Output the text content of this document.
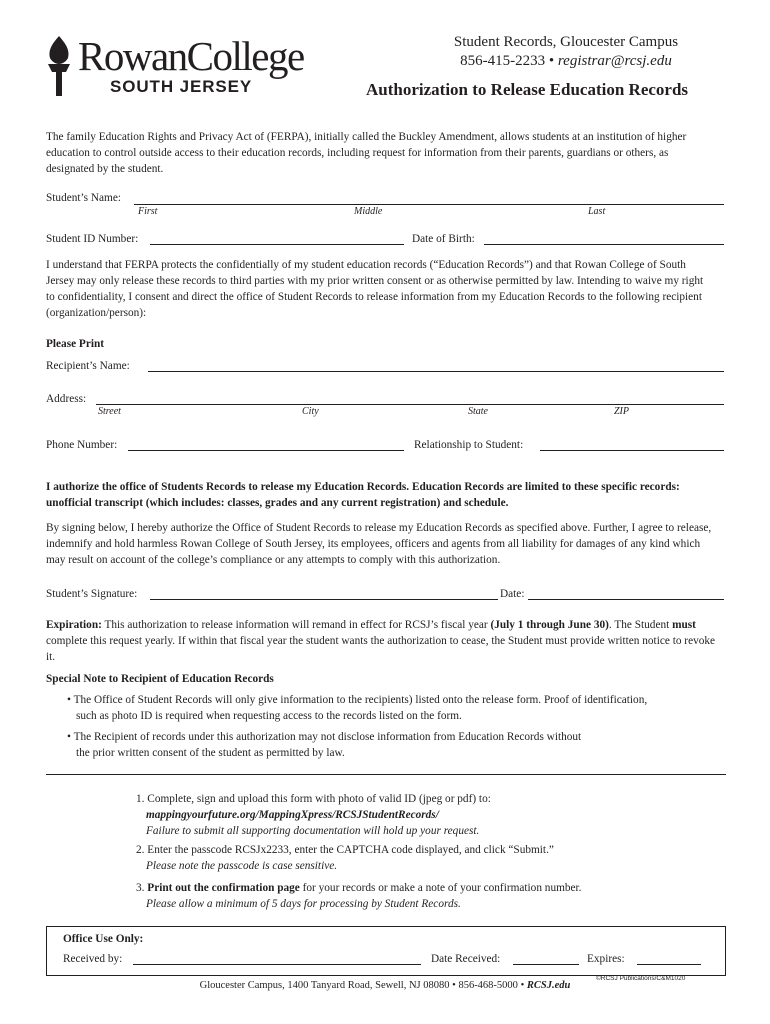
RowanCollege
SOUTH JERSEY
Student Records, Gloucester Campus
856-415-2233 • registrar@rcsj.edu
Authorization to Release Education Records
The family Education Rights and Privacy Act of (FERPA), initially called the Buckley Amendment, allows students at an institution of higher education to control outside access to their education records, including request for information from their parents, guardians or others, as designated by the student.
Student’s Name:
First	Middle	Last
Student ID Number:	Date of Birth:
I understand that FERPA protects the confidentially of my student education records (“Education Records”) and that Rowan College of South Jersey may only release these records to third parties with my prior written consent or as otherwise permitted by law. Intending to waive my right to confidentiality, I consent and direct the office of Student Records to release information from my Education Records to the following recipient (organization/person):
Please Print
Recipient’s Name:
Address:
Street	City	State	ZIP
Phone Number:	Relationship to Student:
I authorize the office of Students Records to release my Education Records. Education Records are limited to these specific records: unofficial transcript (which includes: classes, grades and any current registration) and schedule.
By signing below, I hereby authorize the Office of Student Records to release my Education Records as specified above. Further, I agree to release, indemnify and hold harmless Rowan College of South Jersey, its employees, officers and agents from all liability for damages of any kind which may result on account of the college’s compliance or any attempts to comply with this authorization.
Student’s Signature:	Date:
Expiration: This authorization to release information will remand in effect for RCSJ’s fiscal year (July 1 through June 30). The Student must complete this request yearly. If within that fiscal year the student wants the authorization to cease, the Student must provide written notice to revoke it.
Special Note to Recipient of Education Records
• The Office of Student Records will only give information to the recipients) listed onto the release form. Proof of identification, such as photo ID is required when requesting access to the records listed on the form.
• The Recipient of records under this authorization may not disclose information from Education Records without the prior written consent of the student as permitted by law.
1. Complete, sign and upload this form with photo of valid ID (jpeg or pdf) to:
mappingyourfuture.org/MappingXpress/RCSJStudentRecords/
Failure to submit all supporting documentation will hold up your request.
2. Enter the passcode RCSJx2233, enter the CAPTCHA code displayed, and click “Submit.”
Please note the passcode is case sensitive.
3. Print out the confirmation page for your records or make a note of your confirmation number.
Please allow a minimum of 5 days for processing by Student Records.
Office Use Only:
Received by:	Date Received:	Expires:
©RCSJ Publications/C&M1020
Gloucester Campus, 1400 Tanyard Road, Sewell, NJ 08080 • 856-468-5000 • RCSJ.edu
